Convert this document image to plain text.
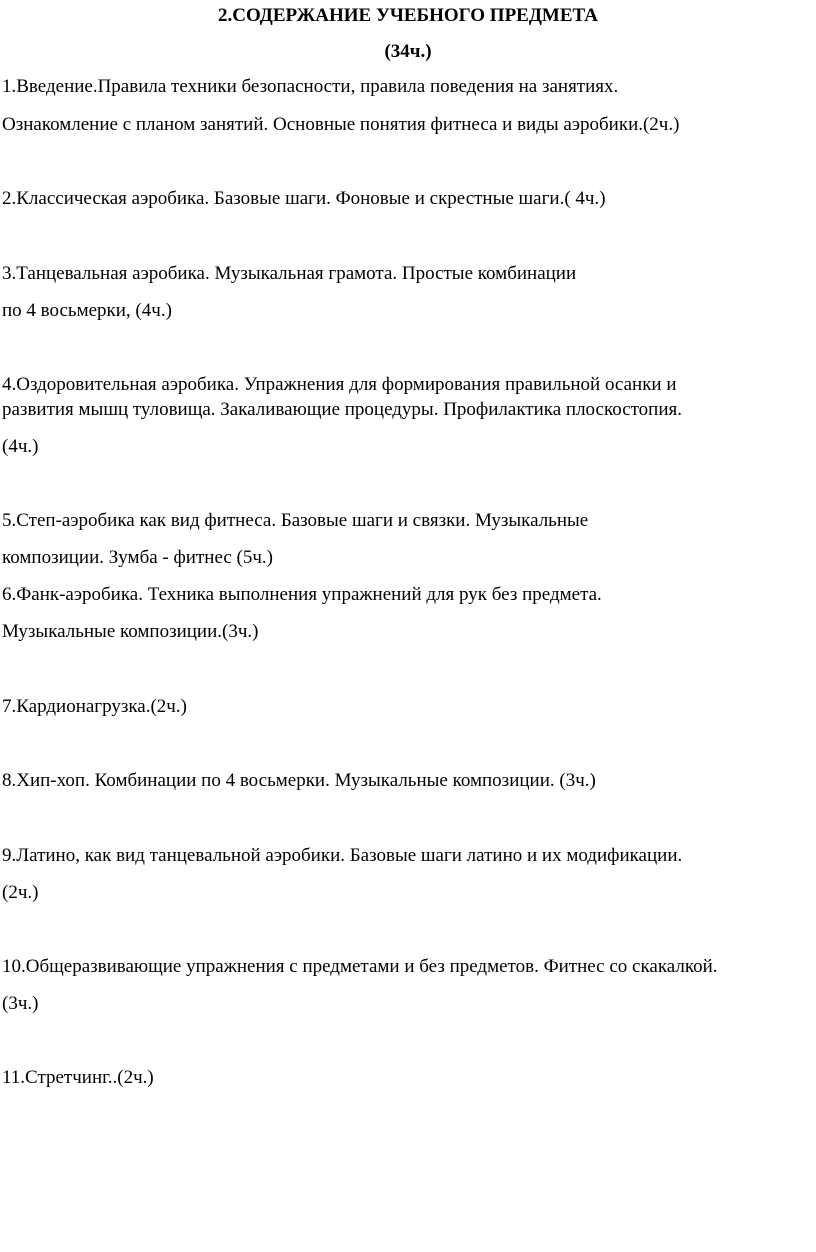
2.СОДЕРЖАНИЕ УЧЕБНОГО ПРЕДМЕТА
(34ч.)
1.Введение.Правила техники безопасности, правила поведения на занятиях.
Ознакомление с планом занятий. Основные понятия фитнеса и виды аэробики.(2ч.)
2.Классическая аэробика. Базовые шаги. Фоновые и скрестные шаги.( 4ч.)
3.Танцевальная аэробика. Музыкальная грамота. Простые комбинации
по 4 восьмерки, (4ч.)
4.Оздоровительная аэробика. Упражнения для формирования правильной осанки и
развития мышц туловища. Закаливающие процедуры. Профилактика плоскостопия.
(4ч.)
5.Степ-аэробика как вид фитнеса. Базовые шаги и связки. Музыкальные
композиции. Зумба - фитнес (5ч.)
6.Фанк-аэробика. Техника выполнения упражнений для рук без предмета.
Музыкальные композиции.(3ч.)
7.Кардионагрузка.(2ч.)
8.Хип-хоп. Комбинации по 4 восьмерки. Музыкальные композиции. (3ч.)
9.Латино, как вид танцевальной аэробики. Базовые шаги латино и их модификации.
(2ч.)
10.Общеразвивающие упражнения с предметами и без предметов. Фитнес со скакалкой.
(3ч.)
11.Стретчинг..(2ч.)
